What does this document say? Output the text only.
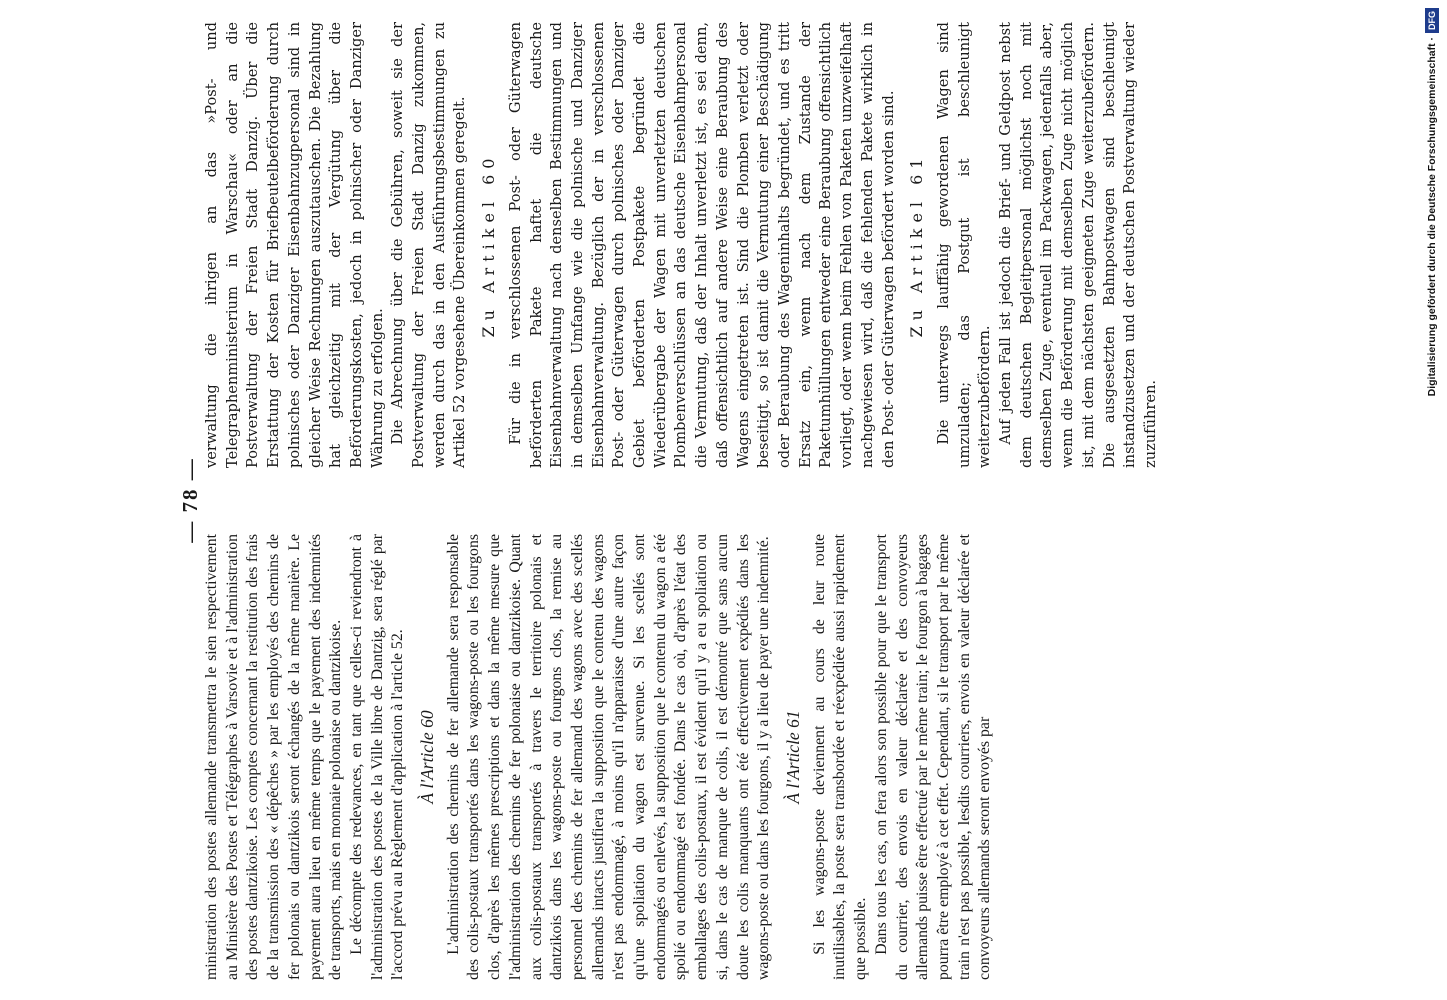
— 78 —

ministration des postes allemande transmettra le sien respectivement au Ministère des Postes et Télégraphes à Varsovie et à l'administration des postes dantzikoise. Les comptes concernant la restitution des frais de la transmission des « dépêches » par les employés des chemins de fer polonais ou dantzikois seront échangés de la même manière. Le payement aura lieu en même temps que le payement des indemnités de transports, mais en monnaie polonaise ou dantzikoise. Le décompte des redevances, en tant que celles-ci reviendront à l'administration des postes de la Ville libre de Dantzig, sera réglé par l'accord prévu au Règlement d'application à l'article 52. À l'Article 60 L'administration des chemins de fer allemande sera responsable des colis-postaux transportés dans les wagons-poste ou les fourgons clos, d'après les mêmes prescriptions et dans la même mesure que l'administration des chemins de fer polonaise ou dantzikoise. Quant aux colis-postaux transportés à travers le territoire polonais et dantzikois dans les wagons-poste ou fourgons clos, la remise au personnel des chemins de fer allemand des wagons avec des scellés allemands intacts justifiera la supposition que le contenu des wagons n'est pas endommagé, à moins qu'il n'apparaisse d'une autre façon qu'une spoliation du wagon est survenue. Si les scellés sont endommagés ou enlevés, la supposition que le contenu du wagon a été spolié ou endommagé est fondée. Dans le cas où, d'après l'état des emballages des colis-postaux, il est évident qu'il y a eu spoliation ou si, dans le cas de manque de colis, il est démontré que sans aucun doute les colis manquants ont été effectivement expédiés dans les wagons-poste ou dans les fourgons, il y a lieu de payer une indemnité. À l'Article 61 Si les wagons-poste deviennent au cours de leur route inutilisables, la poste sera transbordée et réexpédiée aussi rapidement que possible. Dans tous les cas, on fera alors son possible pour que le transport du courrier, des envois en valeur déclarée et des convoyeurs allemands puisse être effectué par le même train; le fourgon à bagages pourra être employé à cet effet. Cependant, si le transport par le même train n'est pas possible, lesdits courriers, envois en valeur déclarée et convoyeurs allemands seront envoyés par

verwaltung die ihrigen an das »Post- und Telegraphenministerium in Warschau« oder an die Postverwaltung der Freien Stadt Danzig. Über die Erstattung der Kosten für Briefbeutelbeförderung durch polnisches oder Danziger Eisenbahnzugpersonal sind in gleicher Weise Rechnungen auszutauschen. Die Bezahlung hat gleichzeitig mit der Vergütung über die Beförderungskosten, jedoch in polnischer oder Danziger Währung zu erfolgen. Die Abrechnung über die Gebühren, soweit sie der Postverwaltung der Freien Stadt Danzig zukommen, werden durch das in den Ausführungsbestimmungen zu Artikel 52 vorgesehene Übereinkommen geregelt. Zu Artikel 60 Für die in verschlossenen Post- oder Güterwagen beförderten Pakete haftet die deutsche Eisenbahnverwaltung nach denselben Bestimmungen und in demselben Umfange wie die polnische und Danziger Eisenbahnverwaltung. Bezüglich der in verschlossenen Post- oder Güterwagen durch polnisches oder Danziger Gebiet beförderten Postpakete begründet die Wiederübergabe der Wagen mit unverletzten deutschen Plombenverschlüssen an das deutsche Eisenbahnpersonal die Vermutung, daß der Inhalt unverletzt ist, es sei denn, daß offensichtlich auf andere Weise eine Beraubung des Wagens eingetreten ist. Sind die Plomben verletzt oder beseitigt, so ist damit die Vermutung einer Beschädigung oder Beraubung des Wageninhalts begründet, und es tritt Ersatz ein, wenn nach dem Zustande der Paketumhüllungen entweder eine Beraubung offensichtlich vorliegt, oder wenn beim Fehlen von Paketen unzweifelhaft nachgewiesen wird, daß die fehlenden Pakete wirklich in den Post- oder Güterwagen befördert worden sind. Zu Artikel 61 Die unterwegs lauffähig gewordenen Wagen sind umzuladen; das Postgut ist beschleunigt weiterzubefördern. Auf jeden Fall ist jedoch die Brief- und Geldpost nebst dem deutschen Begleitpersonal möglichst noch mit demselben Zuge, eventuell im Packwagen, jedenfalls aber, wenn die Beförderung mit demselben Zuge nicht möglich ist, mit dem nächsten geeigneten Zuge weiterzubefördern. Die ausgesetzten Bahnpostwagen sind beschleunigt instandzusetzen und der deutschen Postverwaltung wieder zuzuführen.

Digitalisierung gefördert durch die Deutsche Forschungsgemeinschaft ·
DFG
